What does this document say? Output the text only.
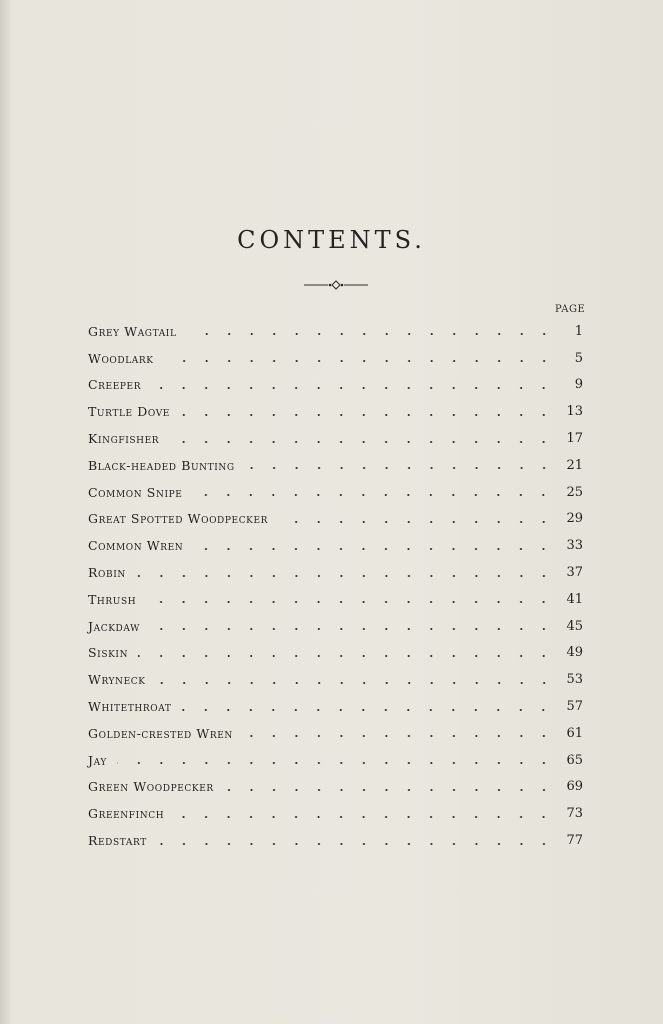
CONTENTS.
PAGE
Grey Wagtail	1
Woodlark	5
Creeper	9
Turtle Dove	13
Kingfisher	17
Black-headed Bunting	21
Common Snipe	25
Great Spotted Woodpecker	29
Common Wren	33
Robin	37
Thrush	41
Jackdaw	45
Siskin	49
Wryneck	53
Whitethroat	57
Golden-crested Wren	61
Jay	65
Green Woodpecker	69
Greenfinch	73
Redstart	77
